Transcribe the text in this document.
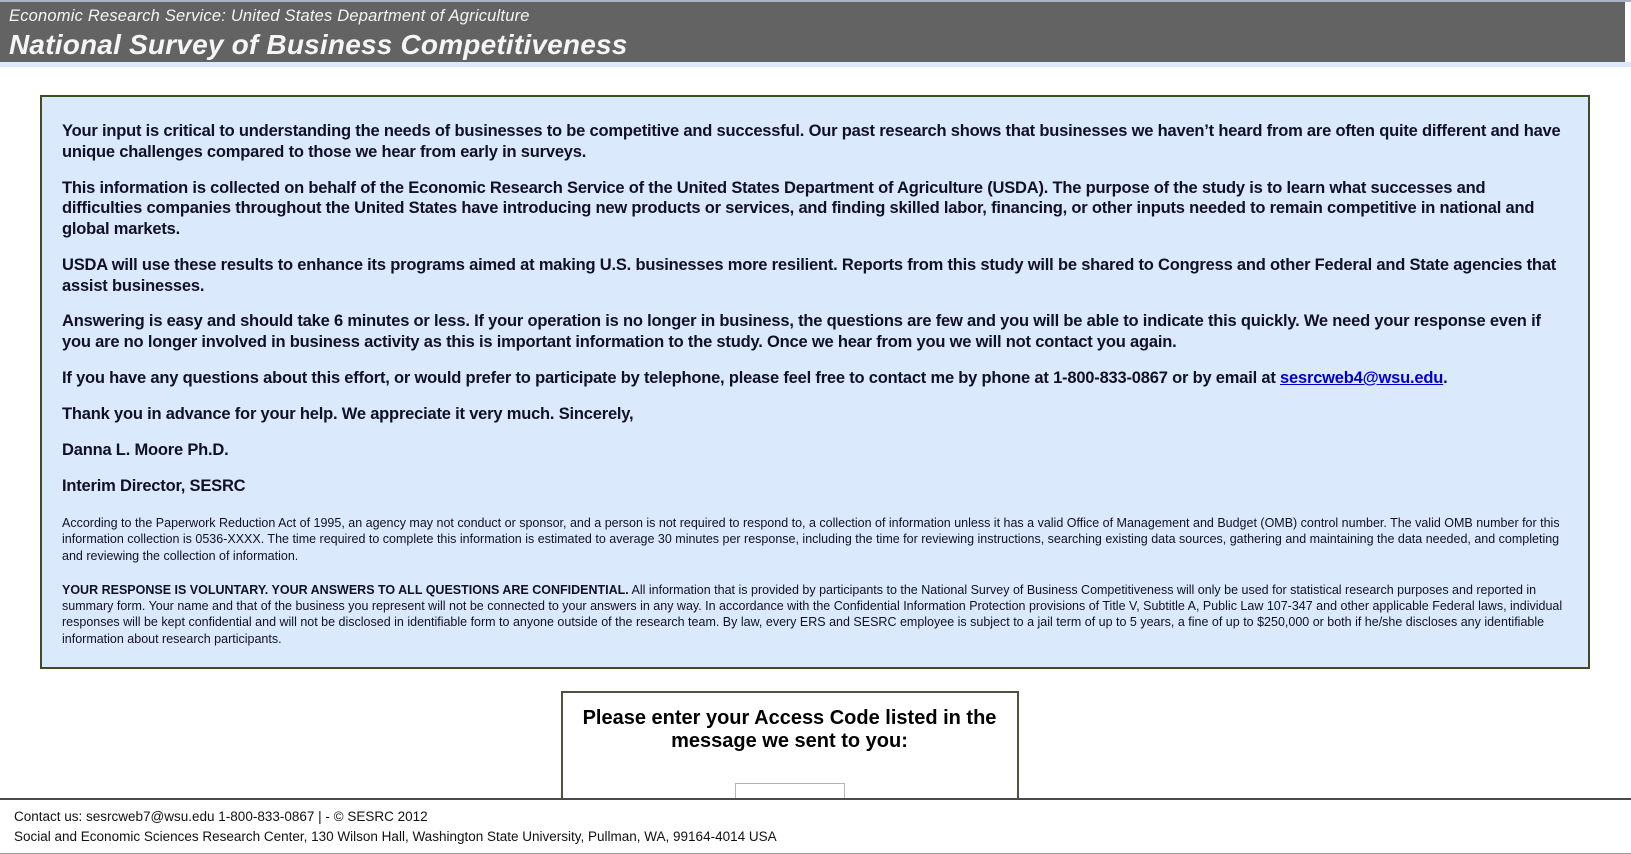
Economic Research Service: United States Department of Agriculture
National Survey of Business Competitiveness

Your input is critical to understanding the needs of businesses to be competitive and successful. Our past research shows that businesses we haven’t heard from are often quite different and have unique challenges compared to those we hear from early in surveys.

This information is collected on behalf of the Economic Research Service of the United States Department of Agriculture (USDA). The purpose of the study is to learn what successes and difficulties companies throughout the United States have introducing new products or services, and finding skilled labor, financing, or other inputs needed to remain competitive in national and global markets.

USDA will use these results to enhance its programs aimed at making U.S. businesses more resilient. Reports from this study will be shared to Congress and other Federal and State agencies that assist businesses.

Answering is easy and should take 6 minutes or less. If your operation is no longer in business, the questions are few and you will be able to indicate this quickly. We need your response even if you are no longer involved in business activity as this is important information to the study. Once we hear from you we will not contact you again.

If you have any questions about this effort, or would prefer to participate by telephone, please feel free to contact me by phone at 1-800-833-0867 or by email at sesrcweb4@wsu.edu.

Thank you in advance for your help. We appreciate it very much. Sincerely,

Danna L. Moore Ph.D.

Interim Director, SESRC

According to the Paperwork Reduction Act of 1995, an agency may not conduct or sponsor, and a person is not required to respond to, a collection of information unless it has a valid Office of Management and Budget (OMB) control number. The valid OMB number for this information collection is 0536-XXXX. The time required to complete this information is estimated to average 30 minutes per response, including the time for reviewing instructions, searching existing data sources, gathering and maintaining the data needed, and completing and reviewing the collection of information.

YOUR RESPONSE IS VOLUNTARY. YOUR ANSWERS TO ALL QUESTIONS ARE CONFIDENTIAL. All information that is provided by participants to the National Survey of Business Competitiveness will only be used for statistical research purposes and reported in summary form. Your name and that of the business you represent will not be connected to your answers in any way. In accordance with the Confidential Information Protection provisions of Title V, Subtitle A, Public Law 107-347 and other applicable Federal laws, individual responses will be kept confidential and will not be disclosed in identifiable form to anyone outside of the research team. By law, every ERS and SESRC employee is subject to a jail term of up to 5 years, a fine of up to $250,000 or both if he/she discloses any identifiable information about research participants.

Please enter your Access Code listed in the message we sent to you:
Contact us: sesrcweb7@wsu.edu 1-800-833-0867 | - © SESRC 2012
Social and Economic Sciences Research Center, 130 Wilson Hall, Washington State University, Pullman, WA, 99164-4014 USA
